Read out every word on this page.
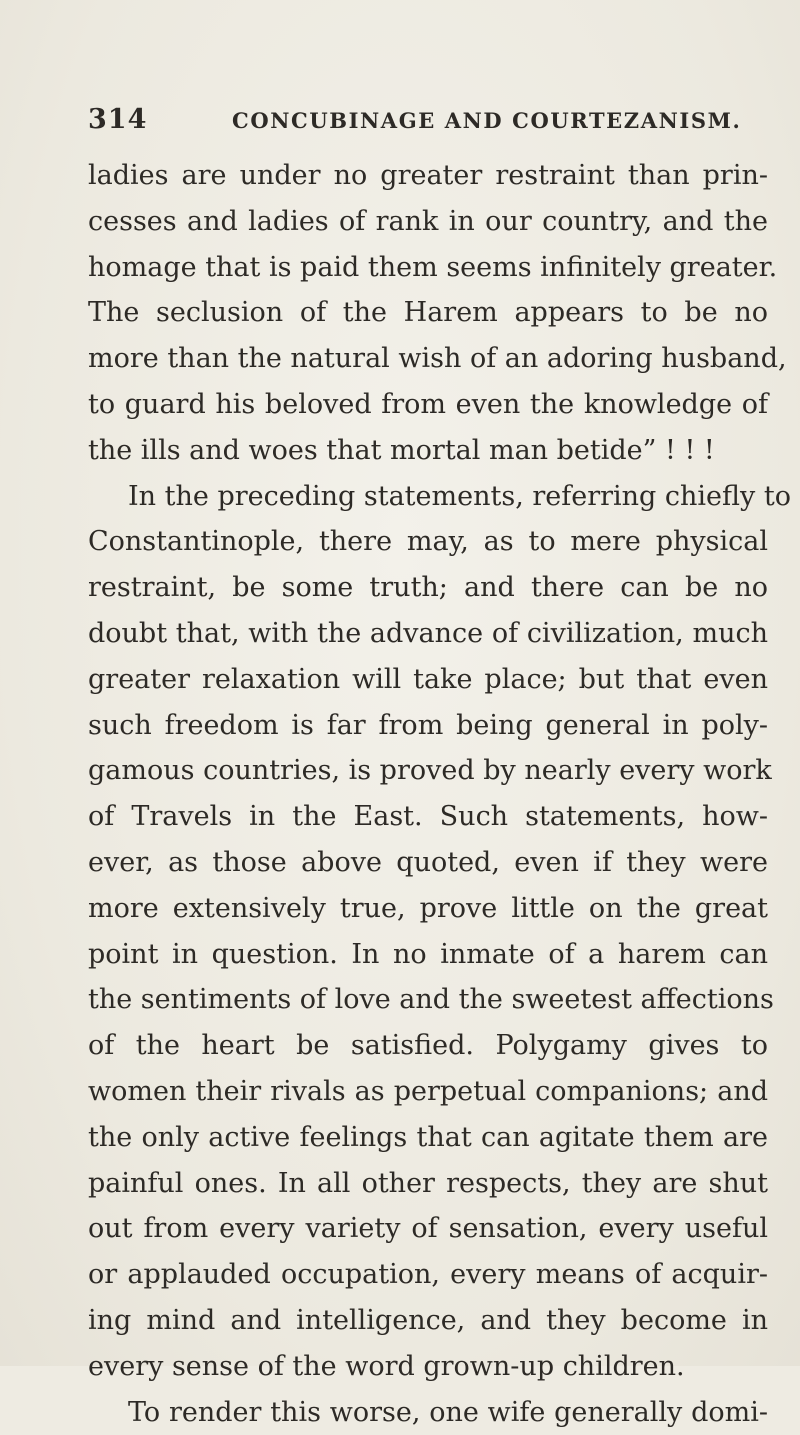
314	CONCUBINAGE AND COURTEZANISM.
ladies are under no greater restraint than prin-
cesses and ladies of rank in our country, and the
homage that is paid them seems infinitely greater.
The seclusion of the Harem appears to be no
more than the natural wish of an adoring husband,
to guard his beloved from even the knowledge of
the ills and woes that mortal man betide” ! ! !
In the preceding statements, referring chiefly to
Constantinople, there may, as to mere physical
restraint, be some truth; and there can be no
doubt that, with the advance of civilization, much
greater relaxation will take place; but that even
such freedom is far from being general in poly-
gamous countries, is proved by nearly every work
of Travels in the East. Such statements, how-
ever, as those above quoted, even if they were
more extensively true, prove little on the great
point in question. In no inmate of a harem can
the sentiments of love and the sweetest affections
of the heart be satisfied. Polygamy gives to
women their rivals as perpetual companions; and
the only active feelings that can agitate them are
painful ones. In all other respects, they are shut
out from every variety of sensation, every useful
or applauded occupation, every means of acquir-
ing mind and intelligence, and they become in
every sense of the word grown-up children.
To render this worse, one wife generally domi-
